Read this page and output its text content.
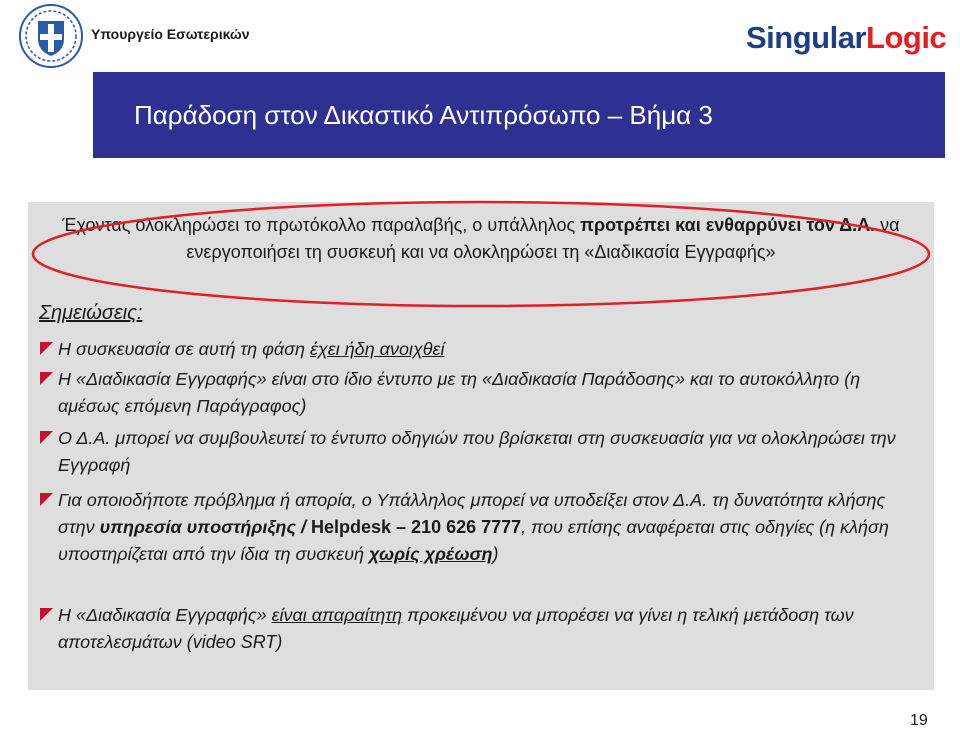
Υπουργείο Εσωτερικών	SingularLogic
Παράδοση στον Δικαστικό Αντιπρόσωπο – Βήμα 3
Έχοντας ολοκληρώσει το πρωτόκολλο παραλαβής, ο υπάλληλος προτρέπει και ενθαρρύνει τον Δ.Α. να ενεργοποιήσει τη συσκευή και να ολοκληρώσει τη «Διαδικασία Εγγραφής»
Σημειώσεις:
Η συσκευασία σε αυτή τη φάση έχει ήδη ανοιχθεί
Η «Διαδικασία Εγγραφής» είναι στο ίδιο έντυπο με τη «Διαδικασία Παράδοσης» και το αυτοκόλλητο (η αμέσως επόμενη Παράγραφος)
Ο Δ.Α. μπορεί να συμβουλευτεί το έντυπο οδηγιών που βρίσκεται στη συσκευασία για να ολοκληρώσει την Εγγραφή
Για οποιοδήποτε πρόβλημα ή απορία, ο Υπάλληλος μπορεί να υποδείξει στον Δ.Α. τη δυνατότητα κλήσης στην υπηρεσία υποστήριξης / Helpdesk – 210 626 7777, που επίσης αναφέρεται στις οδηγίες (η κλήση υποστηρίζεται από την ίδια τη συσκευή χωρίς χρέωση)
Η «Διαδικασία Εγγραφής» είναι απαραίτητη προκειμένου να μπορέσει να γίνει η τελική μετάδοση των αποτελεσμάτων (video SRT)
19
